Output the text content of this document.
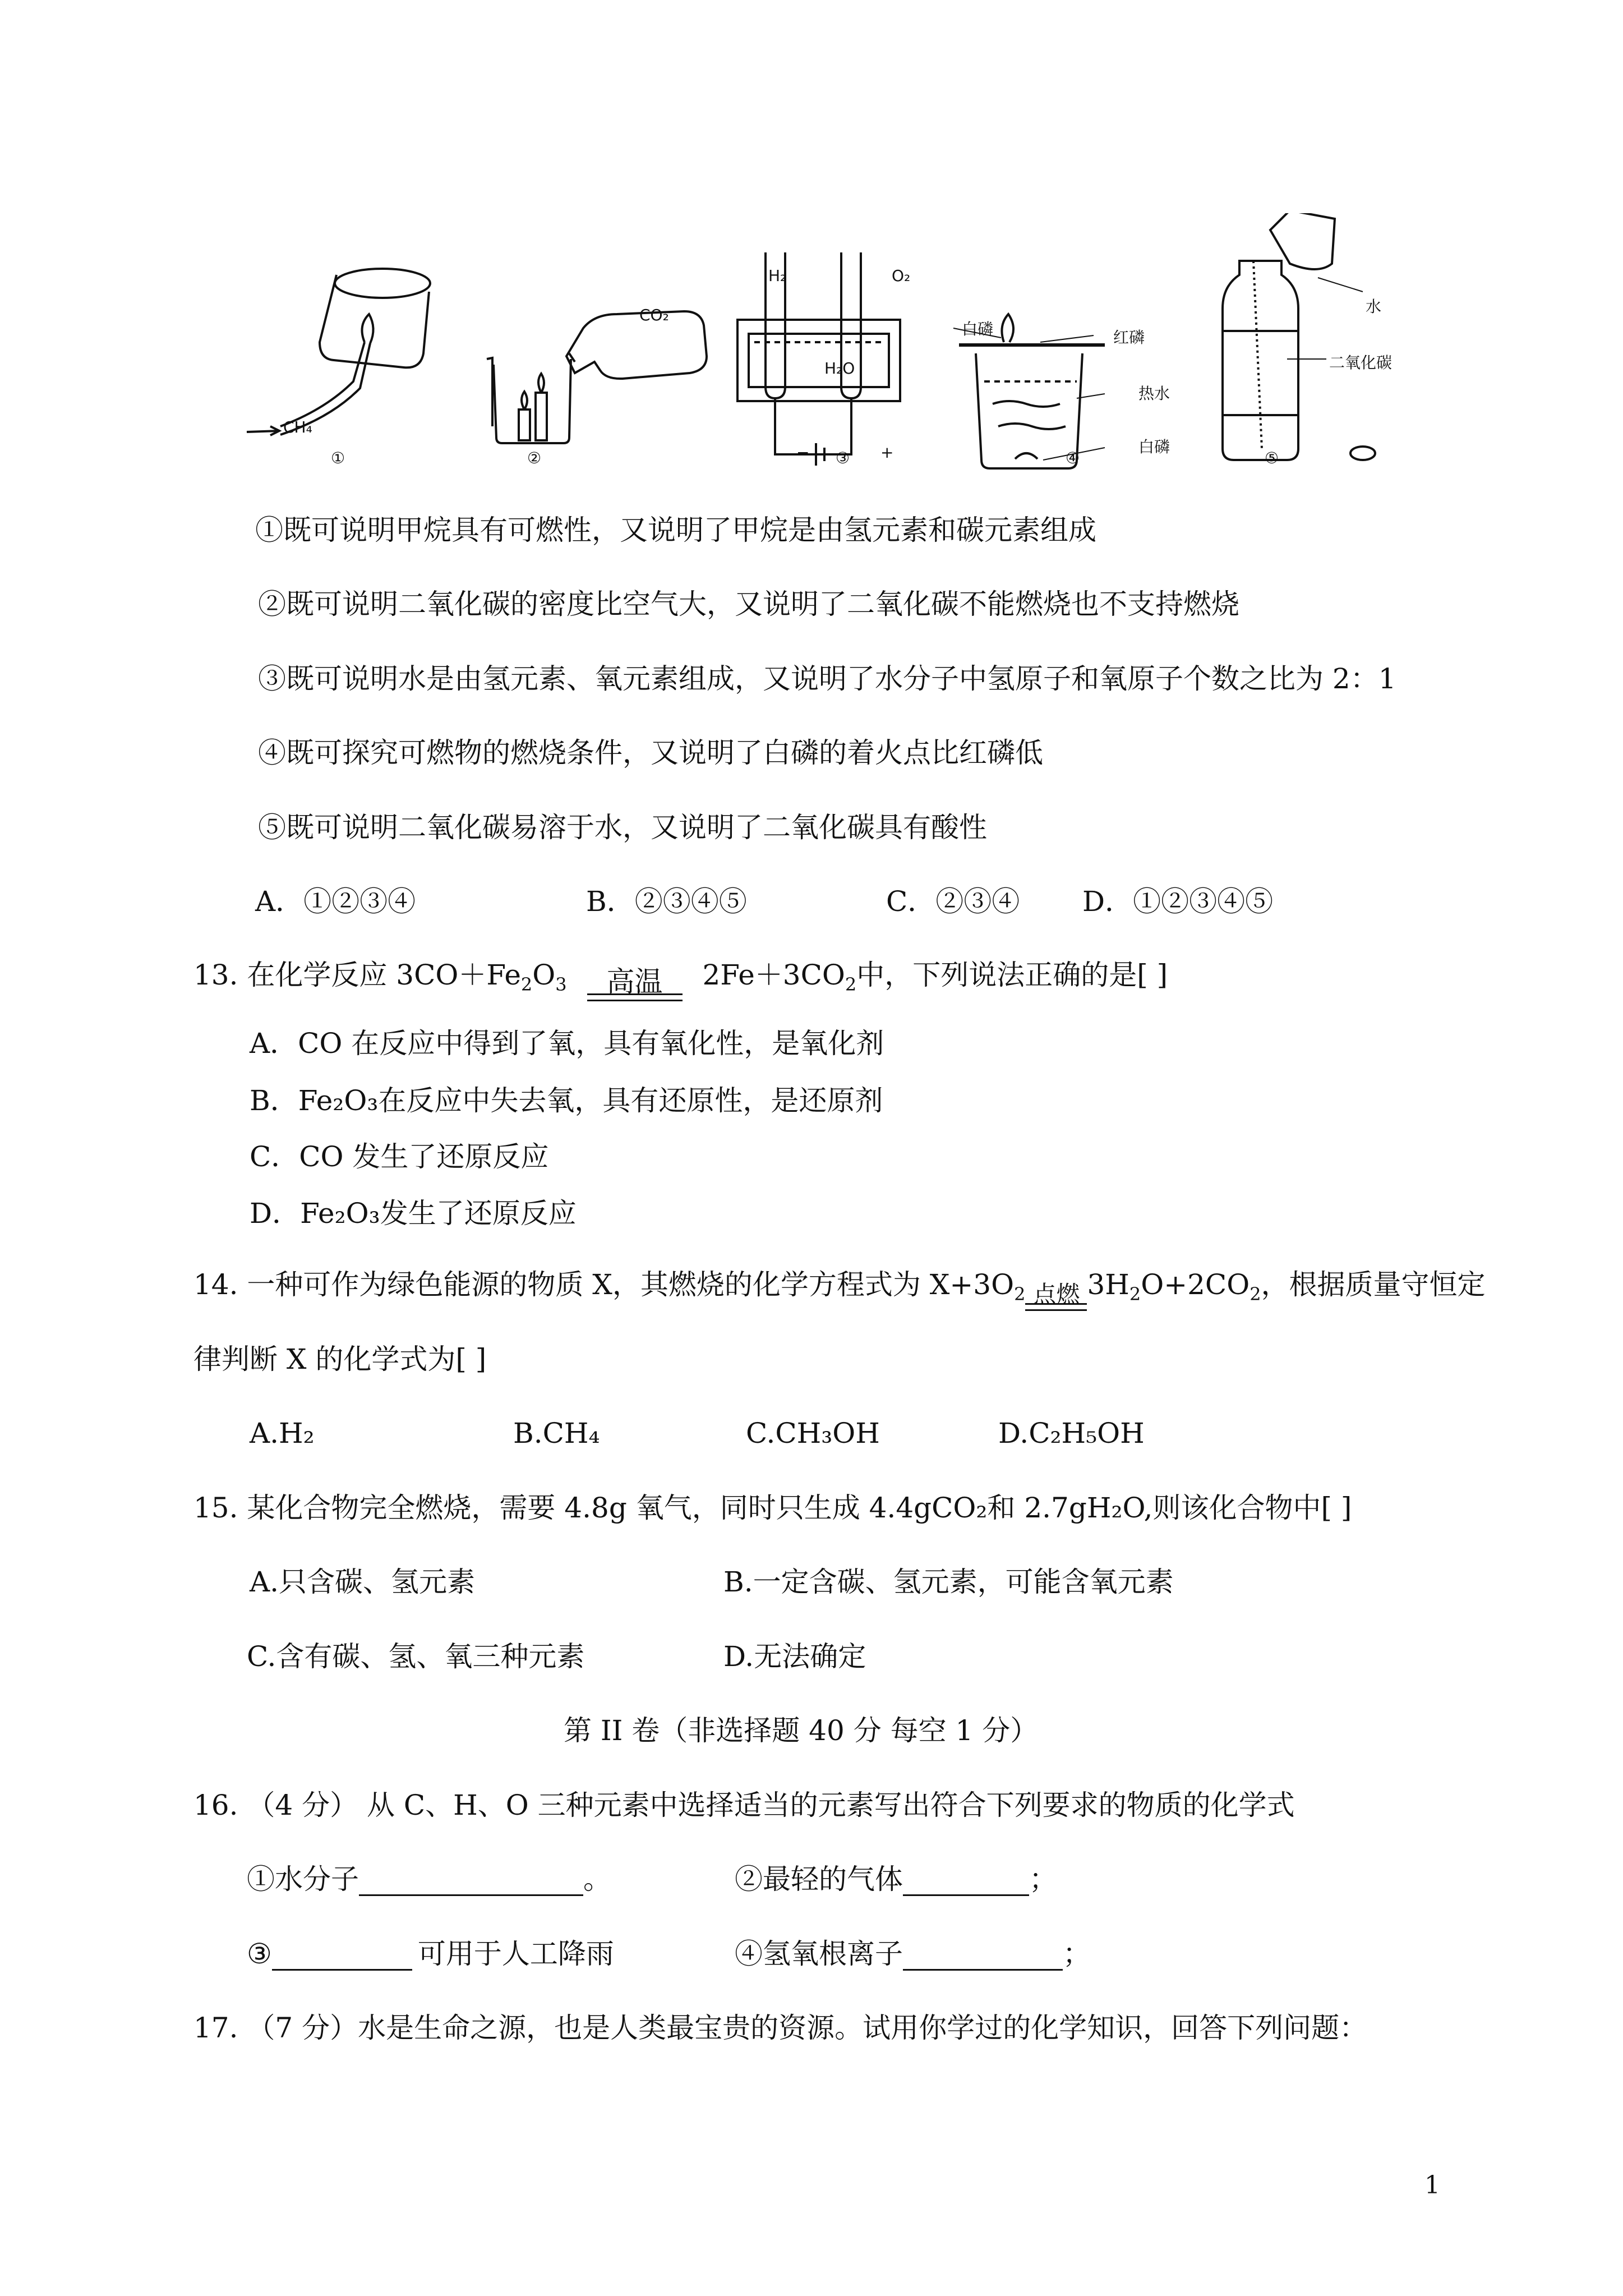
CH₄
①
CO₂
②
H₂	O₂
H₂O
−	+
③
白磷	红磷
热水
白磷
④
水
二氧化碳
⑤
①既可说明甲烷具有可燃性，又说明了甲烷是由氢元素和碳元素组成
②既可说明二氧化碳的密度比空气大，又说明了二氧化碳不能燃烧也不支持燃烧
③既可说明水是由氢元素、氧元素组成，又说明了水分子中氢原子和氧原子个数之比为 2：1
④既可探究可燃物的燃烧条件，又说明了白磷的着火点比红磷低
⑤既可说明二氧化碳易溶于水，又说明了二氧化碳具有酸性
A．①②③④	B．②③④⑤	C．②③④ D．①②③④⑤
13. 在化学反应 $3CO+Fe_2O_3$	高温	$2Fe+3CO_2$中，下列说法正确的是[ ]
A．CO 在反应中得到了氧，具有氧化性，是氧化剂
B．Fe₂O₃在反应中失去氧，具有还原性，是还原剂
C．CO 发生了还原反应
D．Fe₂O₃发生了还原反应
14. 一种可作为绿色能源的物质 X，其燃烧的化学方程式为 $X+3O_2$ 点燃 $3H_2O+2CO_2$，根据质量守恒定
律判断 X 的化学式为[ ]
A.H₂	B.CH₄	C.CH₃OH	D.C₂H₅OH
15. 某化合物完全燃烧，需要 4.8g 氧气，同时只生成 4.4gCO₂和 2.7gH₂O,则该化合物中[ ]
A.只含碳、氢元素	B.一定含碳、氢元素，可能含氧元素
C.含有碳、氢、氧三种元素	D.无法确定
第 II 卷（非选择题 40 分 每空 1 分）
16. （4 分） 从 C、H、O 三种元素中选择适当的元素写出符合下列要求的物质的化学式
①水分子	。	②最轻的气体	；
③	可用于人工降雨	④氢氧根离子	；
17. （7 分）水是生命之源，也是人类最宝贵的资源。试用你学过的化学知识，回答下列问题：
1
